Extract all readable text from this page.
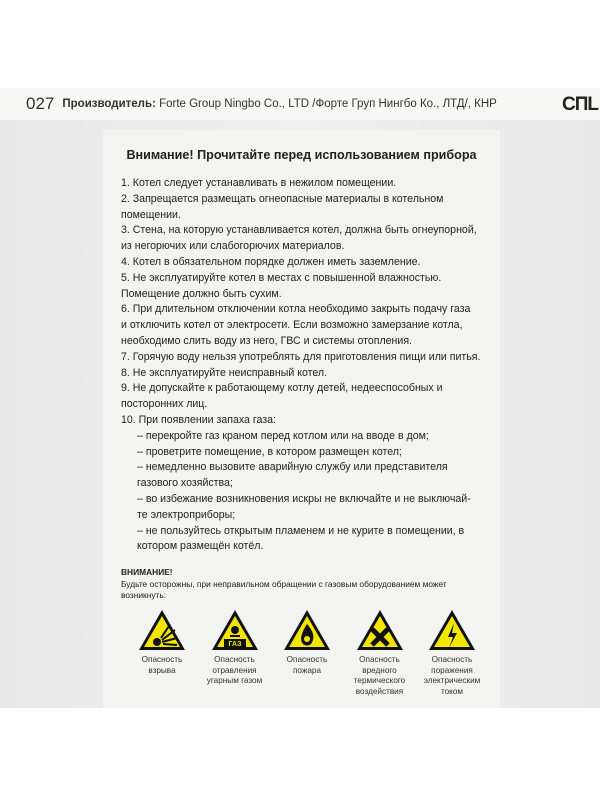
027 Производитель: Forte Group Ningbo Co., LTD /Форте Груп Нингбо Ко., ЛТД/, КНР	СПL
Внимание! Прочитайте перед использованием прибора
1. Котел следует устанавливать в нежилом помещении.
2. Запрещается размещать огнеопасные материалы в котельном
помещении.
3. Стена, на которую устанавливается котел, должна быть огнеупорной,
из негорючих или слабогорючих материалов.
4. Котел в обязательном порядке должен иметь заземление.
5. Не эксплуатируйте котел в местах с повышенной влажностью.
Помещение должно быть сухим.
6. При длительном отключении котла необходимо закрыть подачу газа
и отключить котел от электросети. Если возможно замерзание котла,
необходимо слить воду из него, ГВС и системы отопления.
7. Горячую воду нельзя употреблять для приготовления пищи или питья.
8. Не эксплуатируйте неисправный котел.
9. Не допускайте к работающему котлу детей, недееспособных и
посторонних лиц.
10. При появлении запаха газа:
– перекройте газ краном перед котлом или на вводе в дом;
– проветрите помещение, в котором размещен котел;
– немедленно вызовите аварийную службу или представителя
газового хозяйства;
– во избежание возникновения искры не включайте и не выключай-
те электроприборы;
– не пользуйтесь открытым пламенем и не курите в помещении, в
котором размещён котёл.
ВНИМАНИЕ!
Будьте осторожны, при неправильном обращении с газовым оборудованием может возникнуть:
Опасность взрыва
ГАЗ
Опасность отравления угарным газом
Опасность пожара
Опасность вредного термического воздействия
Опасность поражения электрическим током
